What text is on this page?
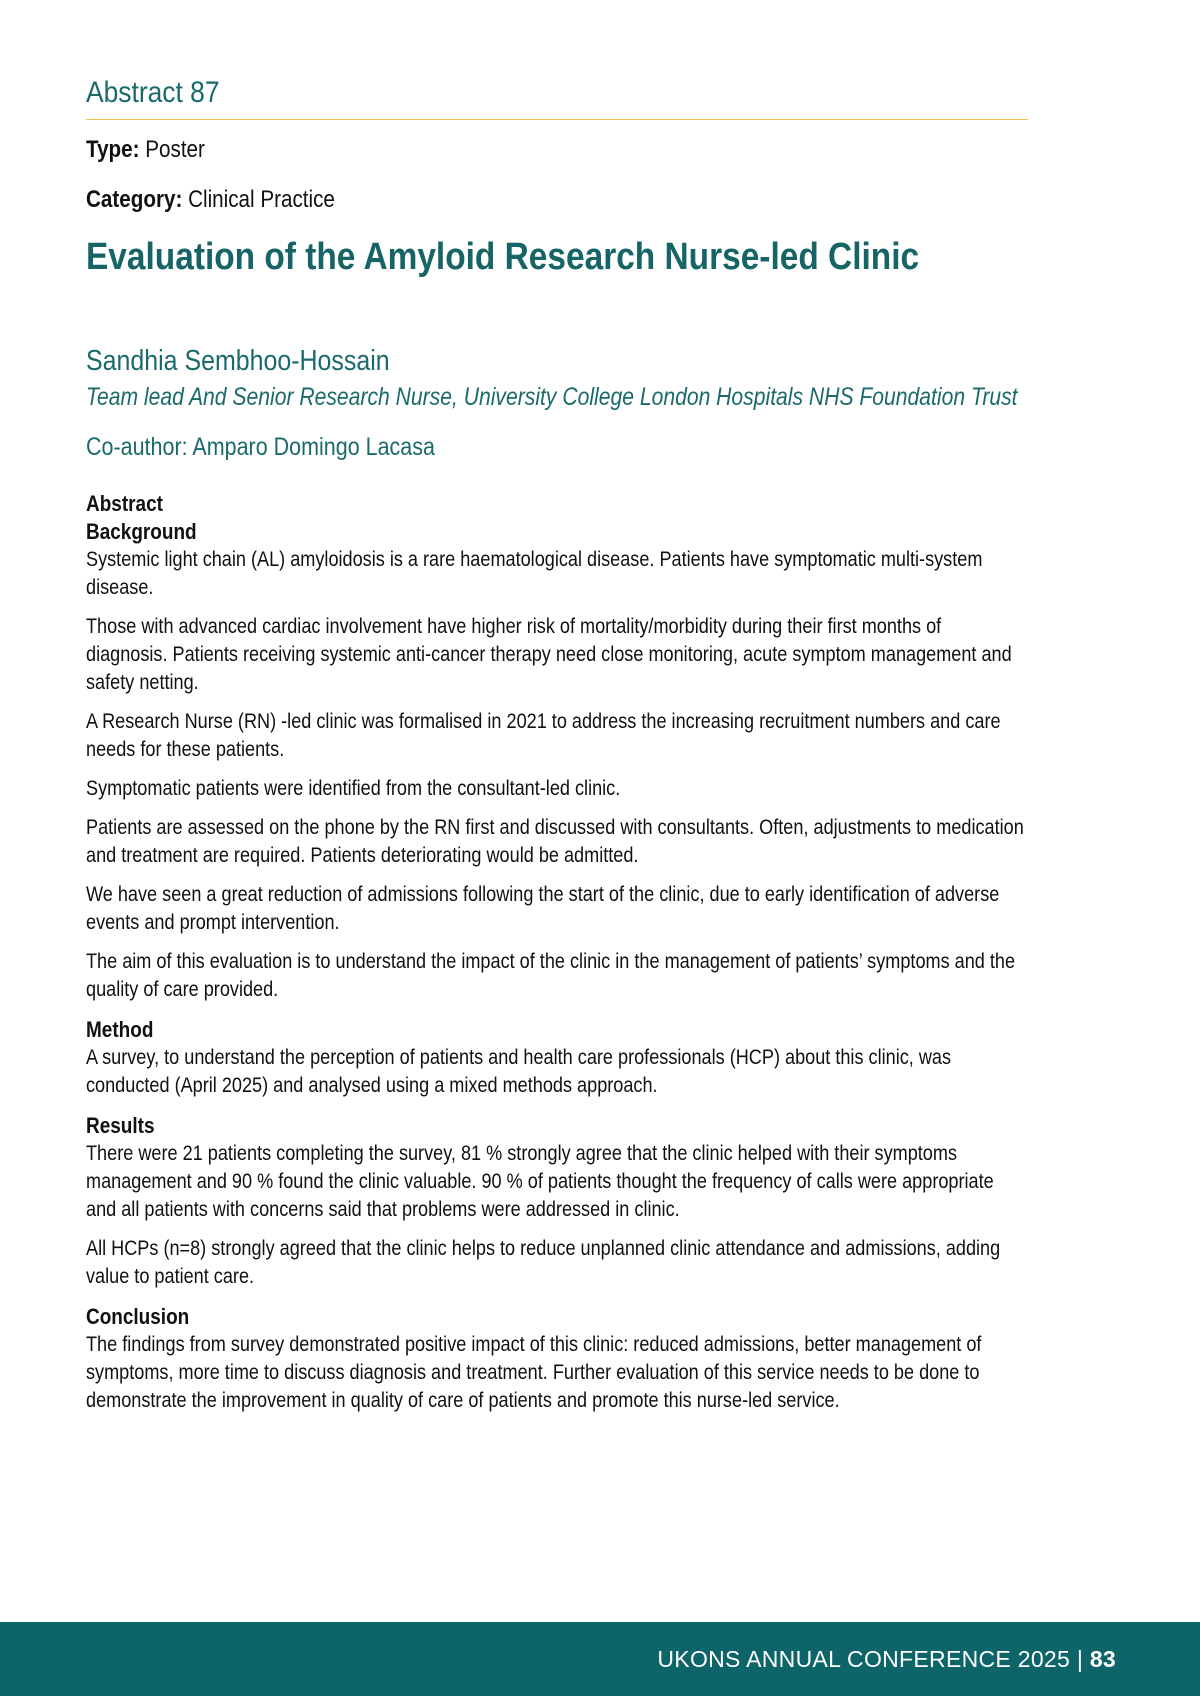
Abstract 87
Type: Poster
Category: Clinical Practice
Evaluation of the Amyloid Research Nurse-led Clinic
Sandhia Sembhoo-Hossain
Team lead And Senior Research Nurse, University College London Hospitals NHS Foundation Trust
Co-author: Amparo Domingo Lacasa
Abstract
Background

Systemic light chain (AL) amyloidosis is a rare haematological disease. Patients have symptomatic multi-system disease.

Those with advanced cardiac involvement have higher risk of mortality/morbidity during their first months of diagnosis. Patients receiving systemic anti-cancer therapy need close monitoring, acute symptom management and safety netting.

A Research Nurse (RN) -led clinic was formalised in 2021 to address the increasing recruitment numbers and care needs for these patients.

Symptomatic patients were identified from the consultant-led clinic.

Patients are assessed on the phone by the RN first and discussed with consultants. Often, adjustments to medication and treatment are required. Patients deteriorating would be admitted.

We have seen a great reduction of admissions following the start of the clinic, due to early identification of adverse events and prompt intervention.

The aim of this evaluation is to understand the impact of the clinic in the management of patients’ symptoms and the quality of care provided.

Method

A survey, to understand the perception of patients and health care professionals (HCP) about this clinic, was conducted (April 2025) and analysed using a mixed methods approach.

Results

There were 21 patients completing the survey, 81 % strongly agree that the clinic helped with their symptoms management and 90 % found the clinic valuable. 90 % of patients thought the frequency of calls were appropriate and all patients with concerns said that problems were addressed in clinic.

All HCPs (n=8) strongly agreed that the clinic helps to reduce unplanned clinic attendance and admissions, adding value to patient care.

Conclusion

The findings from survey demonstrated positive impact of this clinic: reduced admissions, better management of symptoms, more time to discuss diagnosis and treatment. Further evaluation of this service needs to be done to demonstrate the improvement in quality of care of patients and promote this nurse-led service.

UKONS ANNUAL CONFERENCE 2025 | 83
